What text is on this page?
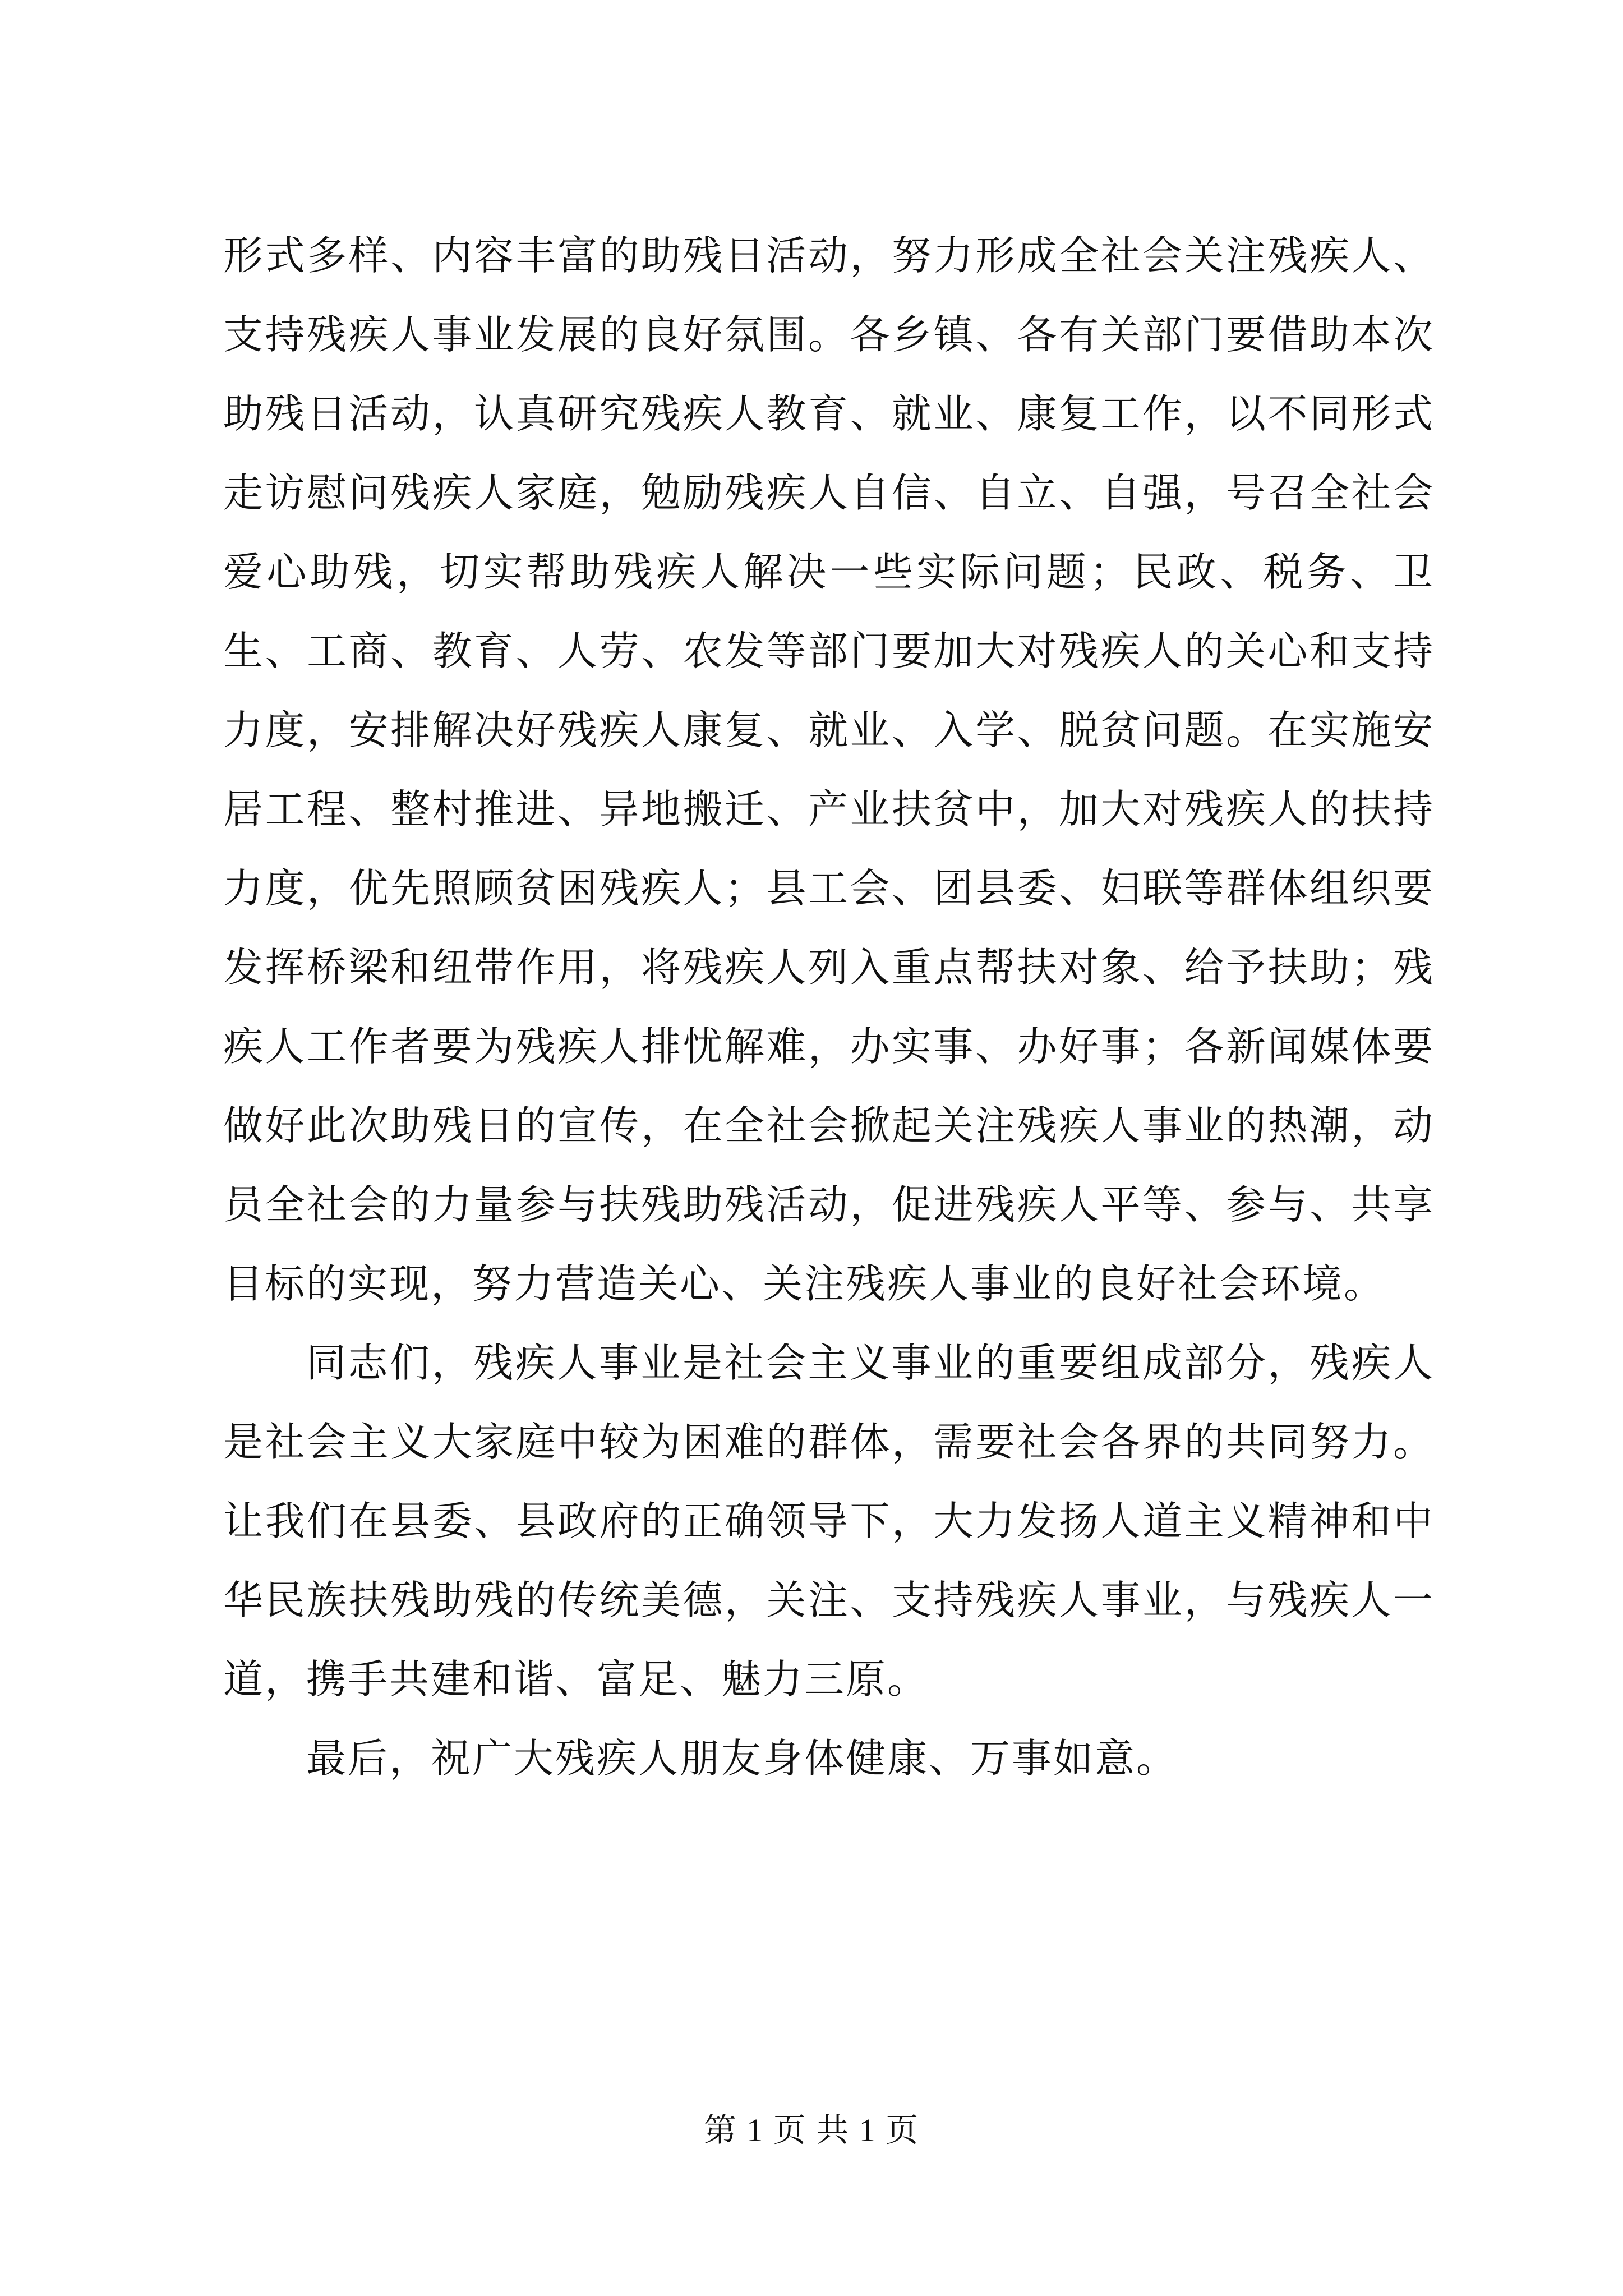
形式多样、内容丰富的助残日活动，努力形成全社会关注残疾人、支持残疾人事业发展的良好氛围。各乡镇、各有关部门要借助本次助残日活动，认真研究残疾人教育、就业、康复工作，以不同形式走访慰问残疾人家庭，勉励残疾人自信、自立、自强，号召全社会爱心助残，切实帮助残疾人解决一些实际问题；民政、税务、卫生、工商、教育、人劳、农发等部门要加大对残疾人的关心和支持力度，安排解决好残疾人康复、就业、入学、脱贫问题。在实施安居工程、整村推进、异地搬迁、产业扶贫中，加大对残疾人的扶持力度，优先照顾贫困残疾人；县工会、团县委、妇联等群体组织要发挥桥梁和纽带作用，将残疾人列入重点帮扶对象、给予扶助；残疾人工作者要为残疾人排忧解难，办实事、办好事；各新闻媒体要做好此次助残日的宣传，在全社会掀起关注残疾人事业的热潮，动员全社会的力量参与扶残助残活动，促进残疾人平等、参与、共享目标的实现，努力营造关心、关注残疾人事业的良好社会环境。

同志们，残疾人事业是社会主义事业的重要组成部分，残疾人是社会主义大家庭中较为困难的群体，需要社会各界的共同努力。让我们在县委、县政府的正确领导下，大力发扬人道主义精神和中华民族扶残助残的传统美德，关注、支持残疾人事业，与残疾人一道，携手共建和谐、富足、魅力三原。

最后，祝广大残疾人朋友身体健康、万事如意。

第 1 页 共 1 页
